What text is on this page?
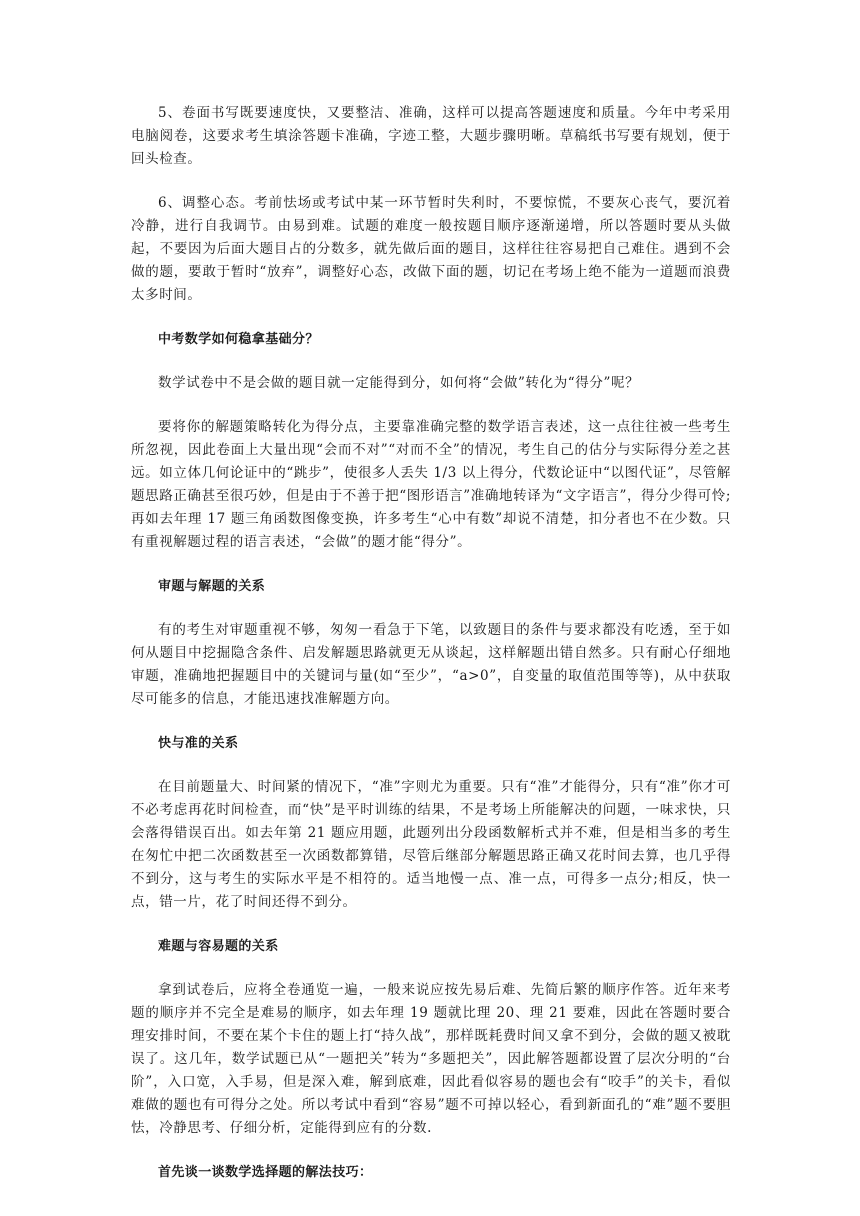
5、卷面书写既要速度快，又要整洁、准确，这样可以提高答题速度和质量。今年中考采用电脑阅卷，这要求考生填涂答题卡准确，字迹工整，大题步骤明晰。草稿纸书写要有规划，便于回头检查。

6、调整心态。考前怯场或考试中某一环节暂时失利时，不要惊慌，不要灰心丧气，要沉着冷静，进行自我调节。由易到难。试题的难度一般按题目顺序逐渐递增，所以答题时要从头做起，不要因为后面大题目占的分数多，就先做后面的题目，这样往往容易把自己难住。遇到不会做的题，要敢于暂时“放弃”，调整好心态，改做下面的题，切记在考场上绝不能为一道题而浪费太多时间。

中考数学如何稳拿基础分？

数学试卷中不是会做的题目就一定能得到分，如何将“会做”转化为“得分”呢？

要将你的解题策略转化为得分点，主要靠准确完整的数学语言表述，这一点往往被一些考生所忽视，因此卷面上大量出现“会而不对”“对而不全”的情况，考生自己的估分与实际得分差之甚远。如立体几何论证中的“跳步”，使很多人丢失 1/3 以上得分，代数论证中“以图代证”，尽管解题思路正确甚至很巧妙，但是由于不善于把“图形语言”准确地转译为“文字语言”，得分少得可怜;再如去年理 17 题三角函数图像变换，许多考生“心中有数”却说不清楚，扣分者也不在少数。只有重视解题过程的语言表述，“会做”的题才能“得分”。

审题与解题的关系

有的考生对审题重视不够，匆匆一看急于下笔，以致题目的条件与要求都没有吃透，至于如何从题目中挖掘隐含条件、启发解题思路就更无从谈起，这样解题出错自然多。只有耐心仔细地审题，准确地把握题目中的关键词与量(如“至少”，“a>0”，自变量的取值范围等等)，从中获取尽可能多的信息，才能迅速找准解题方向。

快与准的关系

在目前题量大、时间紧的情况下，“准”字则尤为重要。只有“准”才能得分，只有“准”你才可不必考虑再花时间检查，而“快”是平时训练的结果，不是考场上所能解决的问题，一味求快，只会落得错误百出。如去年第 21 题应用题，此题列出分段函数解析式并不难，但是相当多的考生在匆忙中把二次函数甚至一次函数都算错，尽管后继部分解题思路正确又花时间去算，也几乎得不到分，这与考生的实际水平是不相符的。适当地慢一点、准一点，可得多一点分;相反，快一点，错一片，花了时间还得不到分。

难题与容易题的关系

拿到试卷后，应将全卷通览一遍，一般来说应按先易后难、先简后繁的顺序作答。近年来考题的顺序并不完全是难易的顺序，如去年理 19 题就比理 20、理 21 要难，因此在答题时要合理安排时间，不要在某个卡住的题上打“持久战”，那样既耗费时间又拿不到分，会做的题又被耽误了。这几年，数学试题已从“一题把关”转为“多题把关”，因此解答题都设置了层次分明的“台阶”，入口宽，入手易，但是深入难，解到底难，因此看似容易的题也会有“咬手”的关卡，看似难做的题也有可得分之处。所以考试中看到“容易”题不可掉以轻心，看到新面孔的“难”题不要胆怯，冷静思考、仔细分析，定能得到应有的分数.

首先谈一谈数学选择题的解法技巧：
